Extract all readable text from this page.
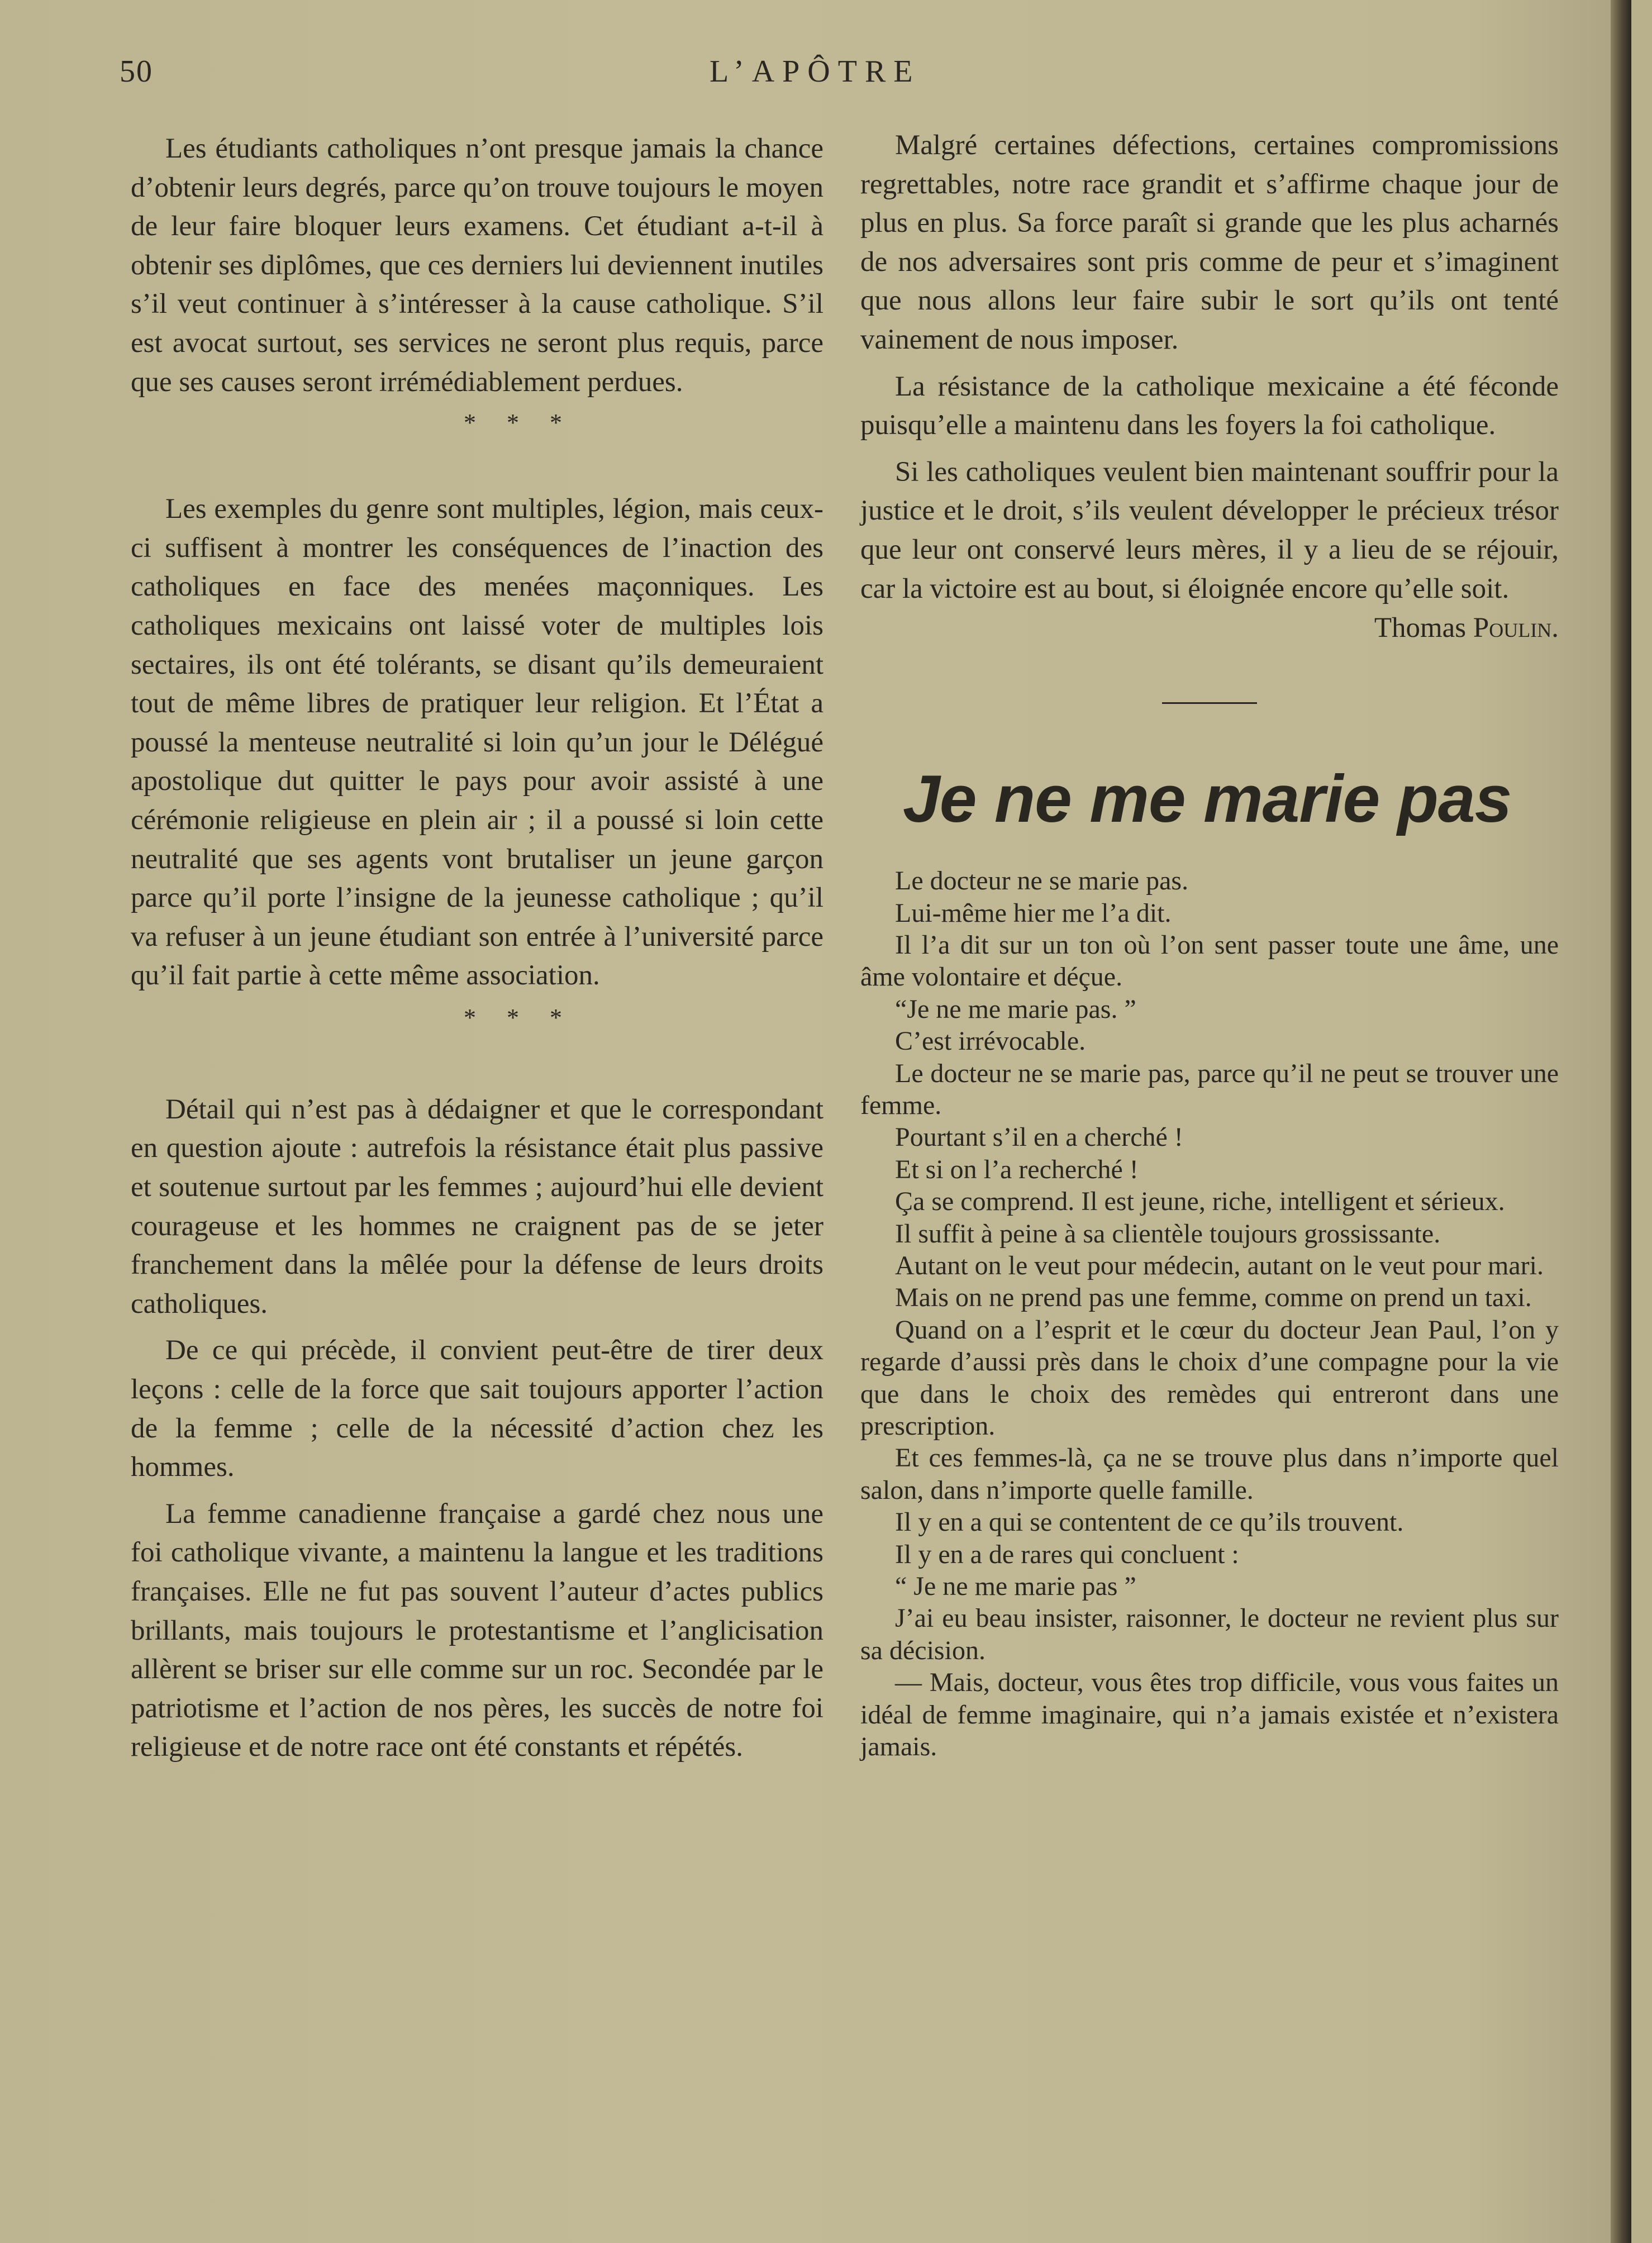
50	L’APÔTRE

Les étudiants catholiques n’ont presque jamais la chance d’obtenir leurs degrés, parce qu’on trouve toujours le moyen de leur faire bloquer leurs examens. Cet étudiant a-t-il à obtenir ses diplômes, que ces derniers lui deviennent inutiles s’il veut continuer à s’intéresser à la cause catholique. S’il est avocat surtout, ses services ne seront plus requis, parce que ses causes seront irrémédiablement perdues.

* * *

Les exemples du genre sont multiples, légion, mais ceux-ci suffisent à montrer les conséquences de l’inaction des catholiques en face des menées maçonniques. Les catholiques mexicains ont laissé voter de multiples lois sectaires, ils ont été tolérants, se disant qu’ils demeuraient tout de même libres de pratiquer leur religion. Et l’État a poussé la menteuse neutralité si loin qu’un jour le Délégué apostolique dut quitter le pays pour avoir assisté à une cérémonie religieuse en plein air ; il a poussé si loin cette neutralité que ses agents vont brutaliser un jeune garçon parce qu’il porte l’insigne de la jeunesse catholique ; qu’il va refuser à un jeune étudiant son entrée à l’université parce qu’il fait partie à cette même association.

* * *

Détail qui n’est pas à dédaigner et que le correspondant en question ajoute : autrefois la résistance était plus passive et soutenue surtout par les femmes ; aujourd’hui elle devient courageuse et les hommes ne craignent pas de se jeter franchement dans la mêlée pour la défense de leurs droits catholiques.

De ce qui précède, il convient peut-être de tirer deux leçons : celle de la force que sait toujours apporter l’action de la femme ; celle de la nécessité d’action chez les hommes.

La femme canadienne française a gardé chez nous une foi catholique vivante, a maintenu la langue et les traditions françaises. Elle ne fut pas souvent l’auteur d’actes publics brillants, mais toujours le protestantisme et l’anglicisation allèrent se briser sur elle comme sur un roc. Secondée par le patriotisme et l’action de nos pères, les succès de notre foi religieuse et de notre race ont été constants et répétés.

Malgré certaines défections, certaines compromissions regrettables, notre race grandit et s’affirme chaque jour de plus en plus. Sa force paraît si grande que les plus acharnés de nos adversaires sont pris comme de peur et s’imaginent que nous allons leur faire subir le sort qu’ils ont tenté vainement de nous imposer.

La résistance de la catholique mexicaine a été féconde puisqu’elle a maintenu dans les foyers la foi catholique.

Si les catholiques veulent bien maintenant souffrir pour la justice et le droit, s’ils veulent développer le précieux trésor que leur ont conservé leurs mères, il y a lieu de se réjouir, car la victoire est au bout, si éloignée encore qu’elle soit.

Thomas Poulin.
Je ne me marie pas
Le docteur ne se marie pas.
Lui-même hier me l’a dit.
Il l’a dit sur un ton où l’on sent passer toute une âme, une âme volontaire et déçue.
“Je ne me marie pas. ”
C’est irrévocable.
Le docteur ne se marie pas, parce qu’il ne peut se trouver une femme.
Pourtant s’il en a cherché !
Et si on l’a recherché !
Ça se comprend. Il est jeune, riche, intelligent et sérieux.
Il suffit à peine à sa clientèle toujours grossissante.
Autant on le veut pour médecin, autant on le veut pour mari.
Mais on ne prend pas une femme, comme on prend un taxi.
Quand on a l’esprit et le cœur du docteur Jean Paul, l’on y regarde d’aussi près dans le choix d’une compagne pour la vie que dans le choix des remèdes qui entreront dans une prescription.
Et ces femmes-là, ça ne se trouve plus dans n’importe quel salon, dans n’importe quelle famille.
Il y en a qui se contentent de ce qu’ils trouvent.
Il y en a de rares qui concluent :
“ Je ne me marie pas ”
J’ai eu beau insister, raisonner, le docteur ne revient plus sur sa décision.
— Mais, docteur, vous êtes trop difficile, vous vous faites un idéal de femme imaginaire, qui n’a jamais existée et n’existera jamais.
